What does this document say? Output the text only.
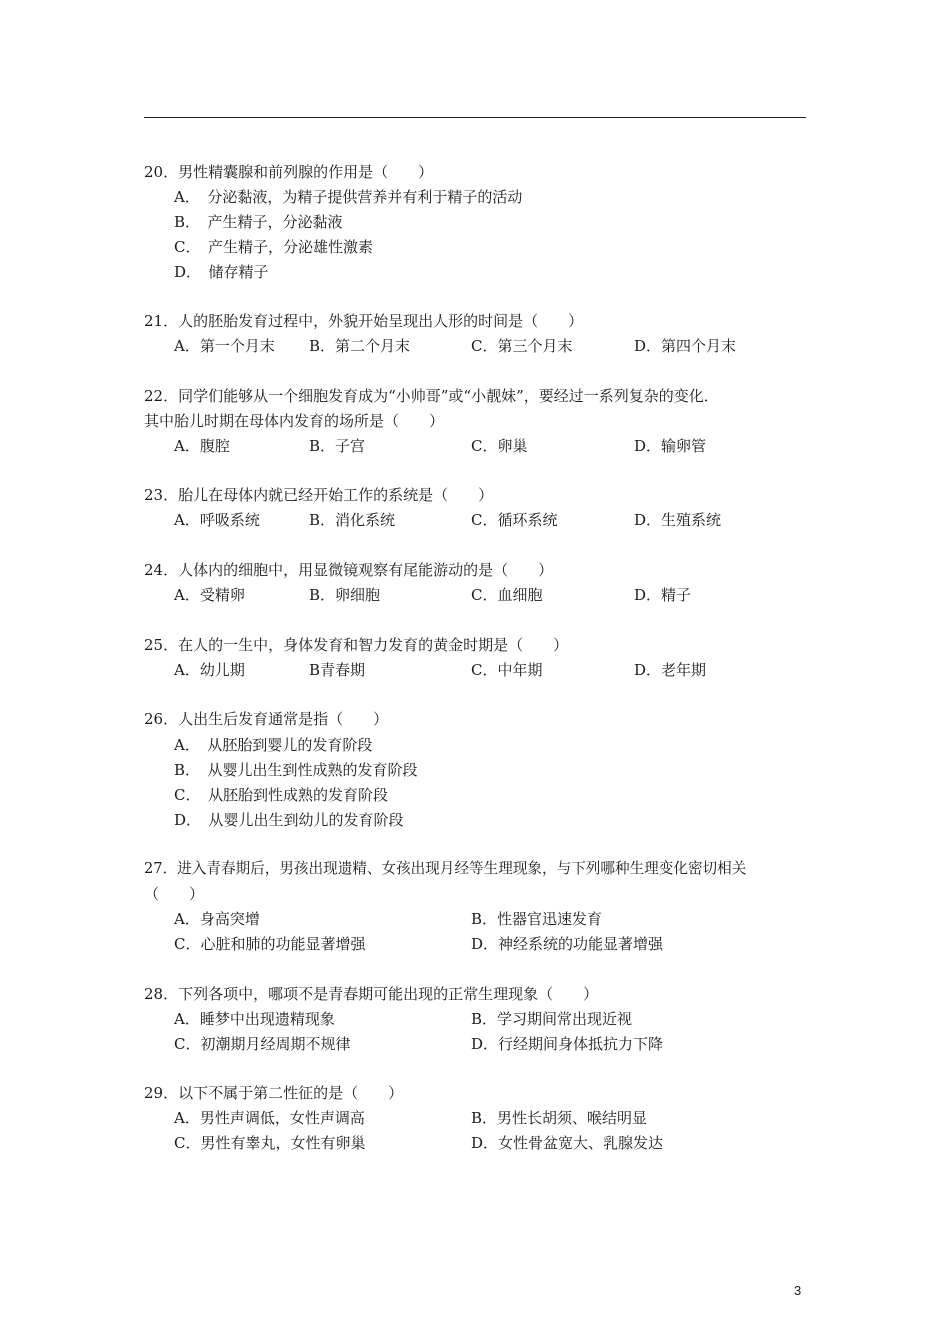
20．男性精囊腺和前列腺的作用是（　　）
A．　分泌黏液，为精子提供营养并有利于精子的活动
B．　产生精子，分泌黏液
C．　产生精子，分泌雄性激素
D．　储存精子
21．人的胚胎发育过程中，外貌开始呈现出人形的时间是（　　）
A．第一个月末 B．第二个月末	C．第三个月末	D．第四个月末
22．同学们能够从一个细胞发育成为“小帅哥”或“小靓妹”，要经过一系列复杂的变化．
其中胎儿时期在母体内发育的场所是（　　）
A．腹腔	B．子宫	C．卵巢	D．输卵管
23．胎儿在母体内就已经开始工作的系统是（　　）
A．呼吸系统	B．消化系统	C．循环系统	D．生殖系统
24．人体内的细胞中，用显微镜观察有尾能游动的是（　　）
A．受精卵	B．卵细胞	C．血细胞	D．精子
25．在人的一生中，身体发育和智力发育的黄金时期是（　　）
A．幼儿期	B青春期	C．中年期	D．老年期
26．人出生后发育通常是指（　　）
A．　从胚胎到婴儿的发育阶段
B．　从婴儿出生到性成熟的发育阶段
C．　从胚胎到性成熟的发育阶段
D．　从婴儿出生到幼儿的发育阶段
27．进入青春期后，男孩出现遗精、女孩出现月经等生理现象，与下列哪种生理变化密切相关
（　　）
A．身高突增	B．性器官迅速发育
C．心脏和肺的功能显著增强	D．神经系统的功能显著增强
28．下列各项中，哪项不是青春期可能出现的正常生理现象（　　）
A．睡梦中出现遗精现象	B．学习期间常出现近视
C．初潮期月经周期不规律	D．行经期间身体抵抗力下降
29．以下不属于第二性征的是（　　）
A．男性声调低，女性声调高	B．男性长胡须、喉结明显
C．男性有睾丸，女性有卵巢	D．女性骨盆宽大、乳腺发达
3
